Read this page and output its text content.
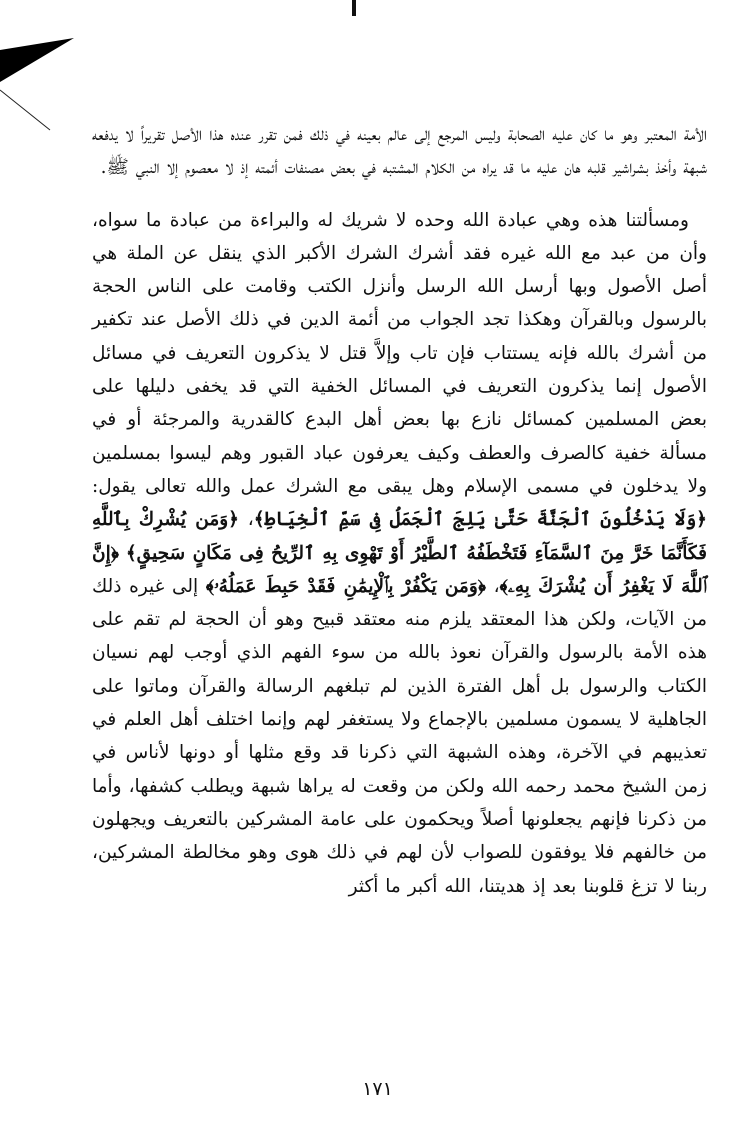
الأمة المعتبر وهو ما كان عليه الصحابة وليس المرجع إلى عالم بعينه في ذلك فمن تقرر عنده هذا الأصل تقريراً لا يدفعه شبهة وأخذ بشراشير قلبه هان عليه ما قد يراه من الكلام المشتبه في بعض مصنفات أئمته إذ لا معصوم إلا النبي ﷺ.

ومسألتنا هذه وهي عبادة الله وحده لا شريك له والبراءة من عبادة ما سواه، وأن من عبد مع الله غيره فقد أشرك الشرك الأكبر الذي ينقل عن الملة هي أصل الأصول وبها أرسل الله الرسل وأنزل الكتب وقامت على الناس الحجة بالرسول وبالقرآن وهكذا تجد الجواب من أئمة الدين في ذلك الأصل عند تكفير من أشرك بالله فإنه يستتاب فإن تاب وإلاَّ قتل لا يذكرون التعريف في مسائل الأصول إنما يذكرون التعريف في المسائل الخفية التي قد يخفى دليلها على بعض المسلمين كمسائل نازع بها بعض أهل البدع كالقدرية والمرجئة أو في مسألة خفية كالصرف والعطف وكيف يعرفون عباد القبور وهم ليسوا بمسلمين ولا يدخلون في مسمى الإسلام وهل يبقى مع الشرك عمل والله تعالى يقول: ﴿وَلَا يَدْخُلُونَ ٱلْجَنَّةَ حَتَّىٰ يَلِجَ ٱلْجَمَلُ فِى سَمِّ ٱلْخِيَاطِ﴾، ﴿وَمَن يُشْرِكْ بِٱللَّهِ فَكَأَنَّمَا خَرَّ مِنَ ٱلسَّمَآءِ فَتَخْطَفُهُ ٱلطَّيْرُ أَوْ تَهْوِى بِهِ ٱلرِّيحُ فِى مَكَانٍ سَحِيقٍ﴾ ﴿إِنَّ ٱللَّهَ لَا يَغْفِرُ أَن يُشْرَكَ بِهِۦ﴾، ﴿وَمَن يَكْفُرْ بِٱلْإِيمَٰنِ فَقَدْ حَبِطَ عَمَلُهُۥ﴾ إلى غيره ذلك من الآيات، ولكن هذا المعتقد يلزم منه معتقد قبيح وهو أن الحجة لم تقم على هذه الأمة بالرسول والقرآن نعوذ بالله من سوء الفهم الذي أوجب لهم نسيان الكتاب والرسول بل أهل الفترة الذين لم تبلغهم الرسالة والقرآن وماتوا على الجاهلية لا يسمون مسلمين بالإجماع ولا يستغفر لهم وإنما اختلف أهل العلم في تعذيبهم في الآخرة، وهذه الشبهة التي ذكرنا قد وقع مثلها أو دونها لأناس في زمن الشيخ محمد رحمه الله ولكن من وقعت له يراها شبهة ويطلب كشفها، وأما من ذكرنا فإنهم يجعلونها أصلاً ويحكمون على عامة المشركين بالتعريف ويجهلون من خالفهم فلا يوفقون للصواب لأن لهم في ذلك هوى وهو مخالطة المشركين، ربنا لا تزغ قلوبنا بعد إذ هديتنا، الله أكبر ما أكثر

١٧١
